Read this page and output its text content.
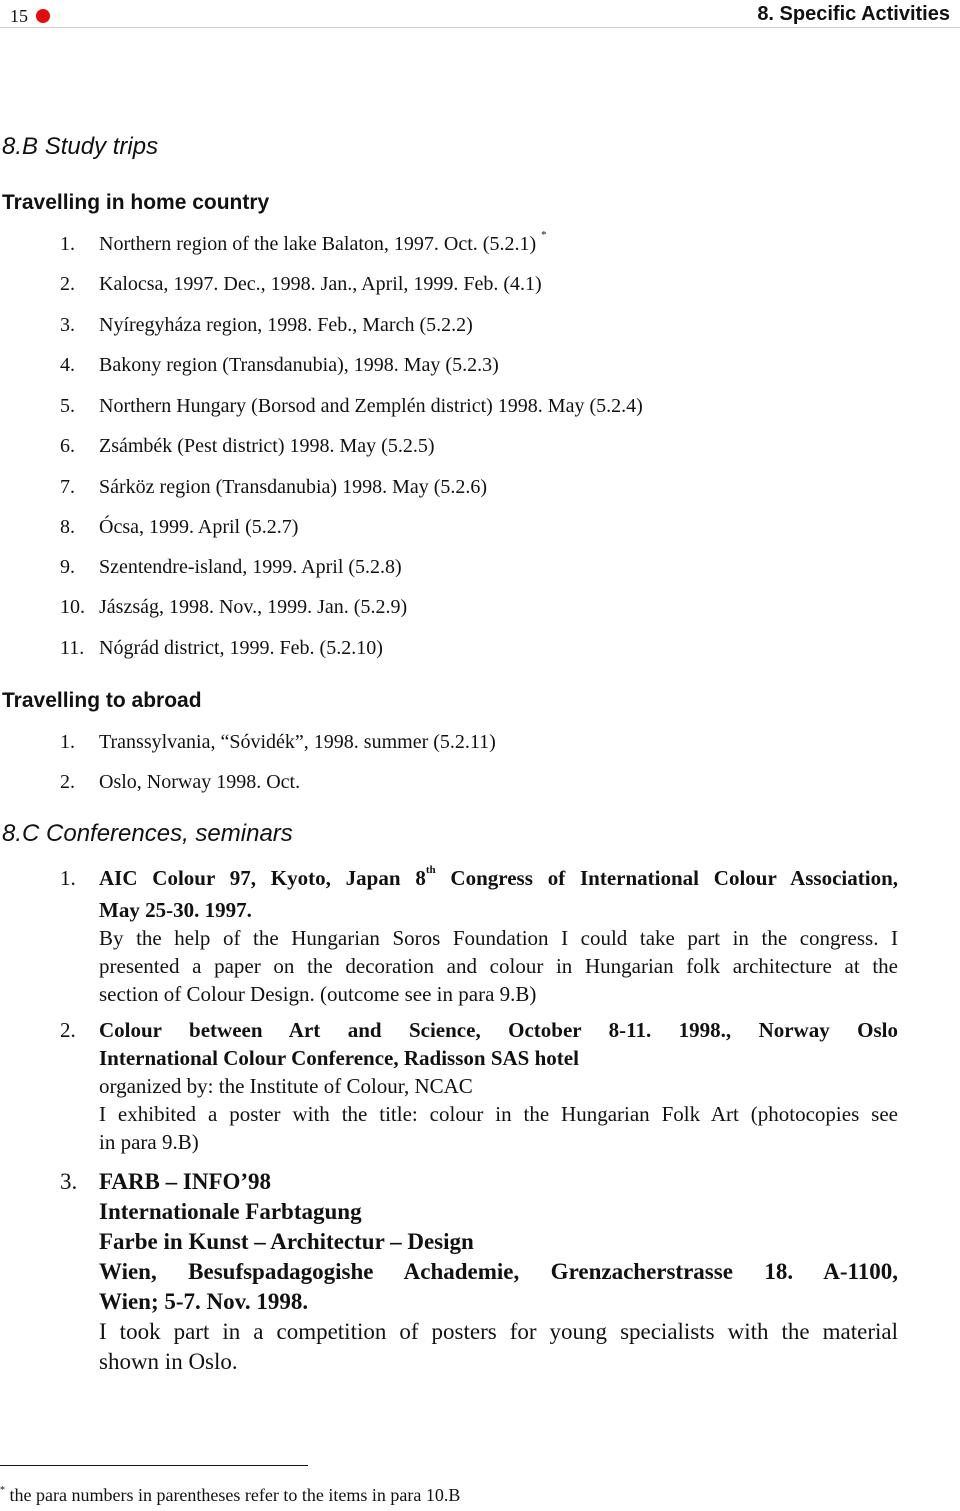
15	8. Specific Activities
8.B Study trips
Travelling in home country
1. Northern region of the lake Balaton, 1997. Oct. (5.2.1) *
2. Kalocsa, 1997. Dec., 1998. Jan., April, 1999. Feb. (4.1)
3. Nyíregyháza region, 1998. Feb., March (5.2.2)
4. Bakony region (Transdanubia), 1998. May (5.2.3)
5. Northern Hungary (Borsod and Zemplén district) 1998. May (5.2.4)
6. Zsámbék (Pest district) 1998. May (5.2.5)
7. Sárköz region (Transdanubia) 1998. May (5.2.6)
8. Ócsa, 1999. April (5.2.7)
9. Szentendre-island, 1999. April (5.2.8)
10. Jászság, 1998. Nov., 1999. Jan. (5.2.9)
11. Nógrád district, 1999. Feb. (5.2.10)
Travelling to abroad
1. Transsylvania, “Sóvidék”, 1998. summer (5.2.11)
2. Oslo, Norway 1998. Oct.
8.C Conferences, seminars
1. AIC Colour 97, Kyoto, Japan 8th Congress of International Colour Association,
May 25-30. 1997.
By the help of the Hungarian Soros Foundation I could take part in the congress. I
presented a paper on the decoration and colour in Hungarian folk architecture at the
section of Colour Design. (outcome see in para 9.B)
2. Colour between Art and Science, October 8-11. 1998., Norway Oslo
International Colour Conference, Radisson SAS hotel
organized by: the Institute of Colour, NCAC
I exhibited a poster with the title: colour in the Hungarian Folk Art (photocopies see
in para 9.B)
3. FARB – INFO’98
Internationale Farbtagung
Farbe in Kunst – Architectur – Design
Wien, Besufspadagogishe Achademie, Grenzacherstrasse 18. A-1100,
Wien; 5-7. Nov. 1998.
I took part in a competition of posters for young specialists with the material
shown in Oslo.
* the para numbers in parentheses refer to the items in para 10.B
